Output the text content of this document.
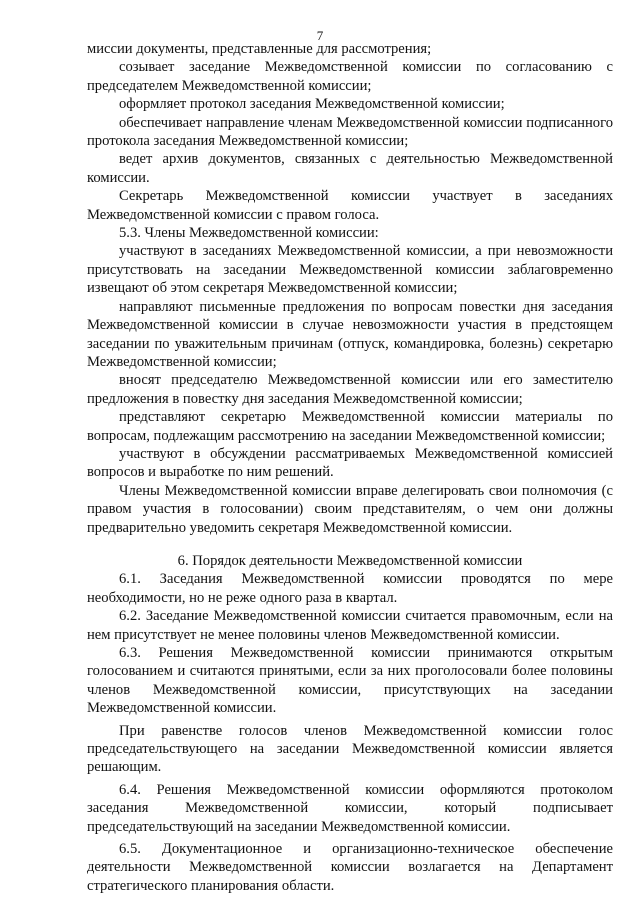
7

миссии документы, представленные для рассмотрения;

созывает заседание Межведомственной комиссии по согласованию с председателем Межведомственной комиссии;

оформляет протокол заседания Межведомственной комиссии;

обеспечивает направление членам Межведомственной комиссии подписанного протокола заседания Межведомственной комиссии;

ведет архив документов, связанных с деятельностью Межведомственной комиссии.

Секретарь Межведомственной комиссии участвует в заседаниях Межведомственной комиссии с правом голоса.

5.3. Члены Межведомственной комиссии:

участвуют в заседаниях Межведомственной комиссии, а при невозможности присутствовать на заседании Межведомственной комиссии заблаговременно извещают об этом секретаря Межведомственной комиссии;

направляют письменные предложения по вопросам повестки дня заседания Межведомственной комиссии в случае невозможности участия в предстоящем заседании по уважительным причинам (отпуск, командировка, болезнь) секретарю Межведомственной комиссии;

вносят председателю Межведомственной комиссии или его заместителю предложения в повестку дня заседания Межведомственной комиссии;

представляют секретарю Межведомственной комиссии материалы по вопросам, подлежащим рассмотрению на заседании Межведомственной комиссии;

участвуют в обсуждении рассматриваемых Межведомственной комиссией вопросов и выработке по ним решений.

Члены Межведомственной комиссии вправе делегировать свои полномочия (с правом участия в голосовании) своим представителям, о чем они должны предварительно уведомить секретаря Межведомственной комиссии.

6. Порядок деятельности Межведомственной комиссии

6.1. Заседания Межведомственной комиссии проводятся по мере необходимости, но не реже одного раза в квартал.

6.2. Заседание Межведомственной комиссии считается правомочным, если на нем присутствует не менее половины членов Межведомственной комиссии.

6.3. Решения Межведомственной комиссии принимаются открытым голосованием и считаются принятыми, если за них проголосовали более половины членов Межведомственной комиссии, присутствующих на заседании Межведомственной комиссии.

При равенстве голосов членов Межведомственной комиссии голос председательствующего на заседании Межведомственной комиссии является решающим.

6.4. Решения Межведомственной комиссии оформляются протоколом заседания Межведомственной комиссии, который подписывает председательствующий на заседании Межведомственной комиссии.

6.5. Документационное и организационно-техническое обеспечение деятельности Межведомственной комиссии возлагается на Департамент стратегического планирования области.
